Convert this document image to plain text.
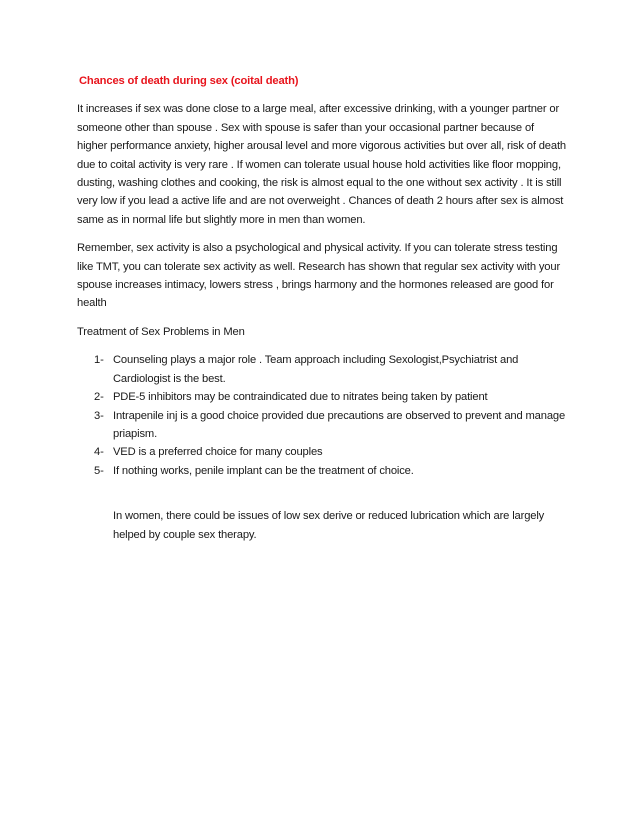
Chances of death during sex (coital death)

It increases if sex was done close to a large meal, after excessive drinking, with a younger partner or someone other than spouse . Sex with spouse is safer than your occasional partner because of higher performance anxiety, higher arousal level and more vigorous activities but over all, risk of death due to coital activity is very rare . If women can tolerate usual house hold activities like floor mopping, dusting, washing clothes and cooking, the risk is almost equal to the one without sex activity . It is still very low if you lead a active life and are not overweight . Chances of death 2 hours after sex is almost same as in normal life but slightly more in men than women.

Remember, sex activity is also a psychological and physical activity. If you can tolerate stress testing like TMT, you can tolerate sex activity as well. Research has shown that regular sex activity with your spouse increases intimacy, lowers stress , brings harmony and the hormones released are good for health

Treatment of Sex Problems in Men

1- Counseling plays a major role . Team approach including Sexologist,Psychiatrist and Cardiologist is the best.
2- PDE-5 inhibitors may be contraindicated due to nitrates being taken by patient
3- Intrapenile inj is a good choice provided due precautions are observed to prevent and manage priapism.
4- VED is a preferred choice for many couples
5- If nothing works, penile implant can be the treatment of choice.

In women, there could be issues of low sex derive or reduced lubrication which are largely helped by couple sex therapy.
